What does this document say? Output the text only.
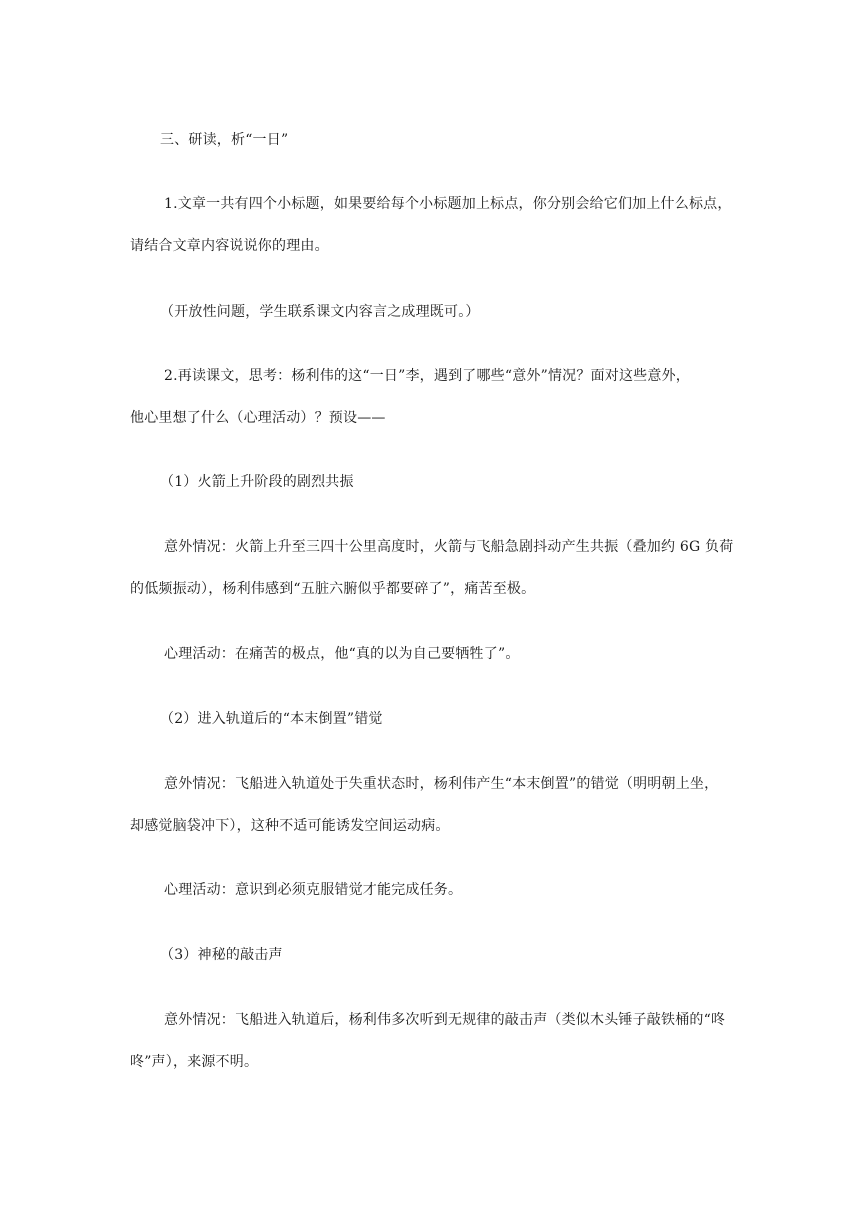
三、研读，析“一日”
1.文章一共有四个小标题，如果要给每个小标题加上标点，你分别会给它们加上什么标点，
请结合文章内容说说你的理由。
（开放性问题，学生联系课文内容言之成理既可。）
2.再读课文，思考：杨利伟的这“一日”李，遇到了哪些“意外”情况？面对这些意外，
他心里想了什么（心理活动）？预设——
（1）火箭上升阶段的剧烈共振
意外情况：火箭上升至三四十公里高度时，火箭与飞船急剧抖动产生共振（叠加约 6G 负荷
的低频振动），杨利伟感到“五脏六腑似乎都要碎了”，痛苦至极。
心理活动：在痛苦的极点，他“真的以为自己要牺牲了”。
（2）进入轨道后的“本末倒置”错觉
意外情况：飞船进入轨道处于失重状态时，杨利伟产生“本末倒置”的错觉（明明朝上坐，
却感觉脑袋冲下），这种不适可能诱发空间运动病。
心理活动：意识到必须克服错觉才能完成任务。
（3）神秘的敲击声
意外情况：飞船进入轨道后，杨利伟多次听到无规律的敲击声（类似木头锤子敲铁桶的“咚
咚”声），来源不明。
